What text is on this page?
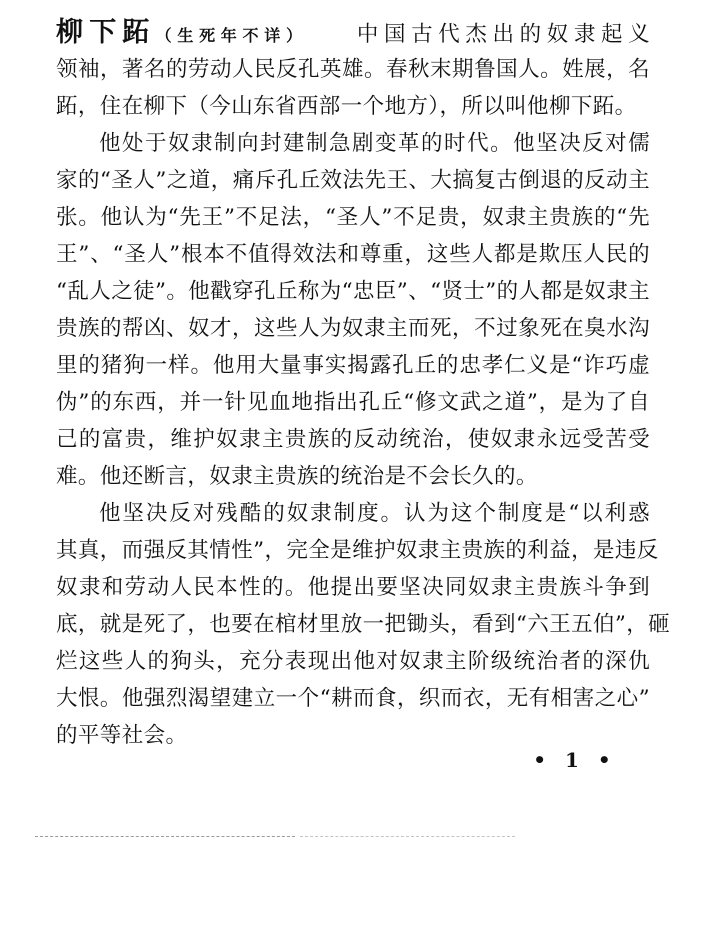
柳下跖（生死年不详） 中国古代杰出的奴隶起义
领袖，著名的劳动人民反孔英雄。春秋末期鲁国人。姓展，名
跖，住在柳下（今山东省西部一个地方），所以叫他柳下跖。
他处于奴隶制向封建制急剧变革的时代。他坚决反对儒
家的“圣人”之道，痛斥孔丘效法先王、大搞复古倒退的反动主
张。他认为“先王”不足法，“圣人”不足贵，奴隶主贵族的“先
王”、“圣人”根本不值得效法和尊重，这些人都是欺压人民的
“乱人之徒”。他戳穿孔丘称为“忠臣”、“贤士”的人都是奴隶主
贵族的帮凶、奴才，这些人为奴隶主而死，不过象死在臭水沟
里的猪狗一样。他用大量事实揭露孔丘的忠孝仁义是“诈巧虚
伪”的东西，并一针见血地指出孔丘“修文武之道”，是为了自
己的富贵，维护奴隶主贵族的反动统治，使奴隶永远受苦受
难。他还断言，奴隶主贵族的统治是不会长久的。
他坚决反对残酷的奴隶制度。认为这个制度是“以利惑
其真，而强反其情性”，完全是维护奴隶主贵族的利益，是违反
奴隶和劳动人民本性的。他提出要坚决同奴隶主贵族斗争到
底，就是死了，也要在棺材里放一把锄头，看到“六王五伯”，砸
烂这些人的狗头，充分表现出他对奴隶主阶级统治者的深仇
大恨。他强烈渴望建立一个“耕而食，织而衣，无有相害之心”
的平等社会。
• 1 •
